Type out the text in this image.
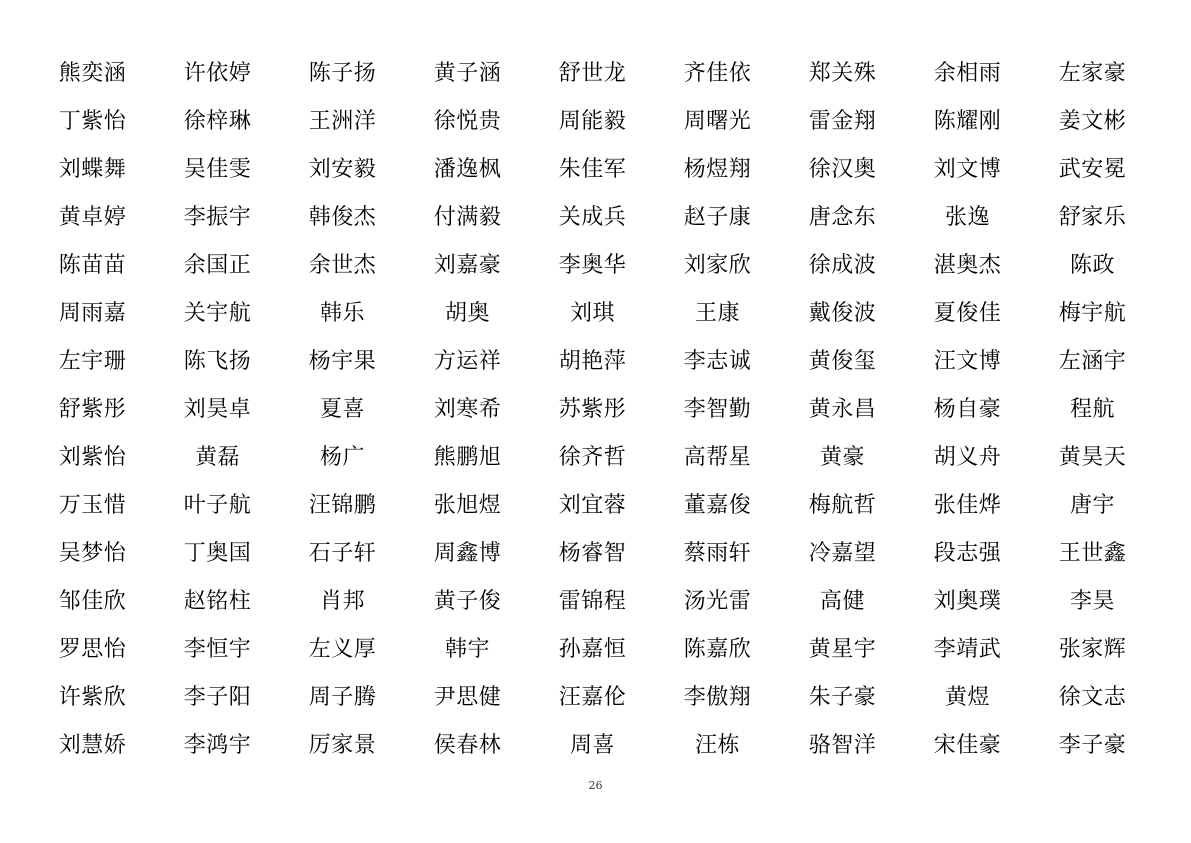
熊奕涵	许依婷	陈子扬	黄子涵	舒世龙	齐佳依	郑关殊	余相雨	左家豪
丁紫怡	徐梓琳	王洲洋	徐悦贵	周能毅	周曙光	雷金翔	陈耀刚	姜文彬
刘蝶舞	吴佳雯	刘安毅	潘逸枫	朱佳军	杨煜翔	徐汉奥	刘文博	武安冕
黄卓婷	李振宇	韩俊杰	付满毅	关成兵	赵子康	唐念东	张逸	舒家乐
陈苗苗	余国正	余世杰	刘嘉豪	李奥华	刘家欣	徐成波	湛奥杰	陈政
周雨嘉	关宇航	韩乐	胡奥	刘琪	王康	戴俊波	夏俊佳	梅宇航
左宇珊	陈飞扬	杨宇果	方运祥	胡艳萍	李志诚	黄俊玺	汪文博	左涵宇
舒紫彤	刘昊卓	夏喜	刘寒希	苏紫彤	李智勤	黄永昌	杨自豪	程航
刘紫怡	黄磊	杨广	熊鹏旭	徐齐哲	高帮星	黄豪	胡义舟	黄昊天
万玉惜	叶子航	汪锦鹏	张旭煜	刘宜蓉	董嘉俊	梅航哲	张佳烨	唐宇
吴梦怡	丁奥国	石子轩	周鑫博	杨睿智	蔡雨轩	冷嘉望	段志强	王世鑫
邹佳欣	赵铭柱	肖邦	黄子俊	雷锦程	汤光雷	高健	刘奥璞	李昊
罗思怡	李恒宇	左义厚	韩宇	孙嘉恒	陈嘉欣	黄星宇	李靖武	张家辉
许紫欣	李子阳	周子腾	尹思健	汪嘉伦	李傲翔	朱子豪	黄煜	徐文志
刘慧娇	李鸿宇	厉家景	侯春林	周喜	汪栋	骆智洋	宋佳豪	李子豪
26
